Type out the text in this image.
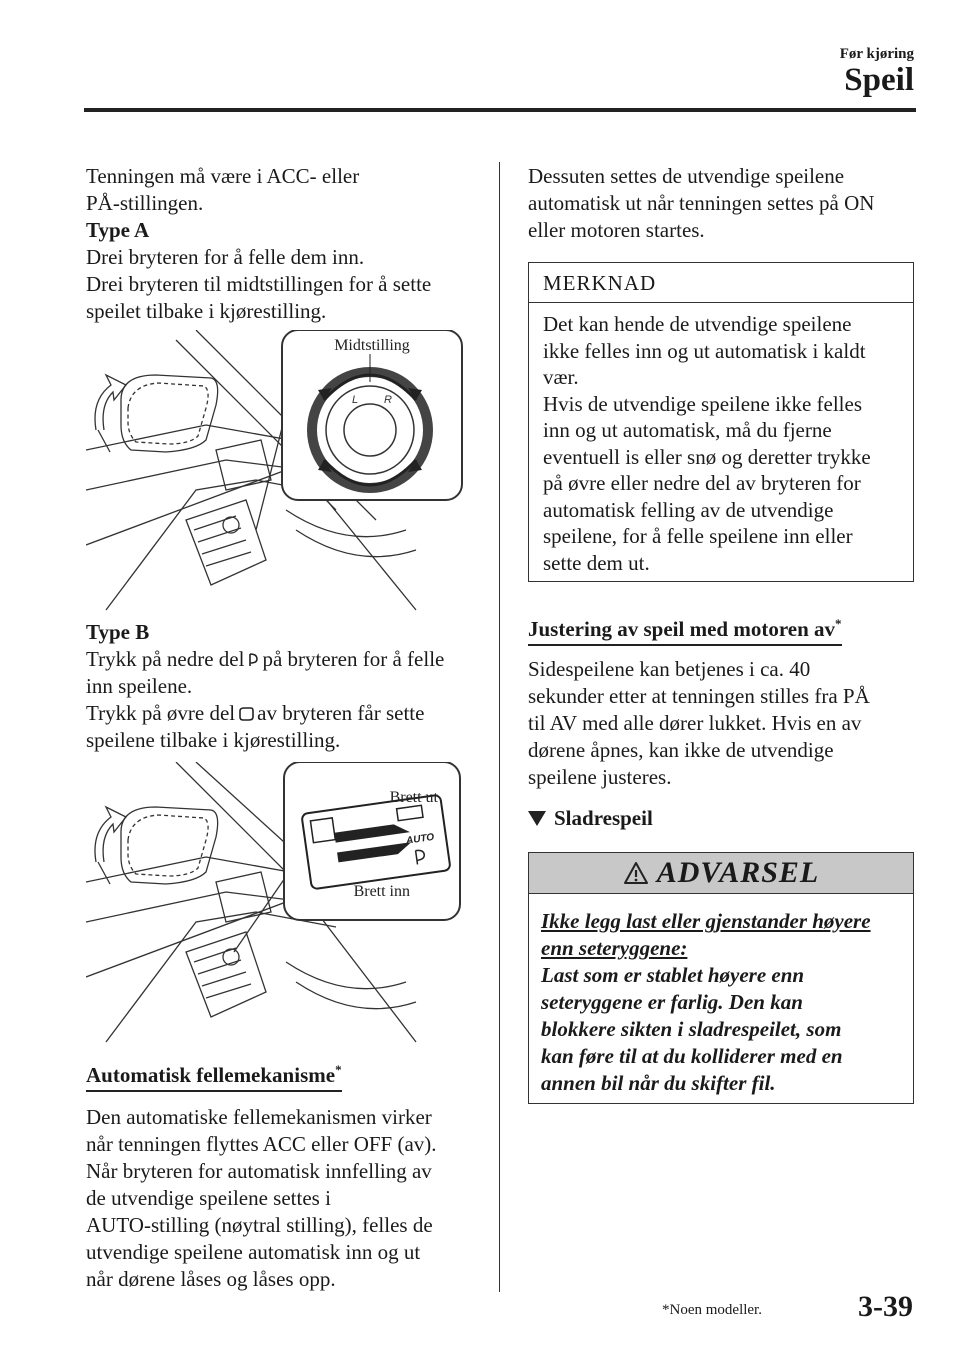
Før kjøring
Speil

Tenningen må være i ACC- eller

PÅ-stillingen.

Type A

Drei bryteren for å felle dem inn.

Drei bryteren til midtstillingen for å sette

speilet tilbake i kjørestilling.

L R
Midtstilling

Type B

Trykk på nedre del på bryteren for å felle

inn speilene.

Trykk på øvre del av bryteren får sette

speilene tilbake i kjørestilling.

AUTO
Brett ut
Brett inn
Automatisk fellemekanisme*

Den automatiske fellemekanismen virker

når tenningen flyttes ACC eller OFF (av).

Når bryteren for automatisk innfelling av

de utvendige speilene settes i

AUTO-stilling (nøytral stilling), felles de

utvendige speilene automatisk inn og ut

når dørene låses og låses opp.

Dessuten settes de utvendige speilene

automatisk ut når tenningen settes på ON

eller motoren startes.

MERKNAD
Det kan hende de utvendige speilene
ikke felles inn og ut automatisk i kaldt
vær.
Hvis de utvendige speilene ikke felles
inn og ut automatisk, må du fjerne
eventuell is eller snø og deretter trykke
på øvre eller nedre del av bryteren for
automatisk felling av de utvendige
speilene, for å felle speilene inn eller
sette dem ut.
Justering av speil med motoren av*

Sidespeilene kan betjenes i ca. 40

sekunder etter at tenningen stilles fra PÅ

til AV med alle dører lukket. Hvis en av

dørene åpnes, kan ikke de utvendige

speilene justeres.

Sladrespeil
ADVARSEL
Ikke legg last eller gjenstander høyere
enn seteryggene:
Last som er stablet høyere enn
seteryggene er farlig. Den kan
blokkere sikten i sladrespeilet, som
kan føre til at du kolliderer med en
annen bil når du skifter fil.
*Noen modeller.	3-39
